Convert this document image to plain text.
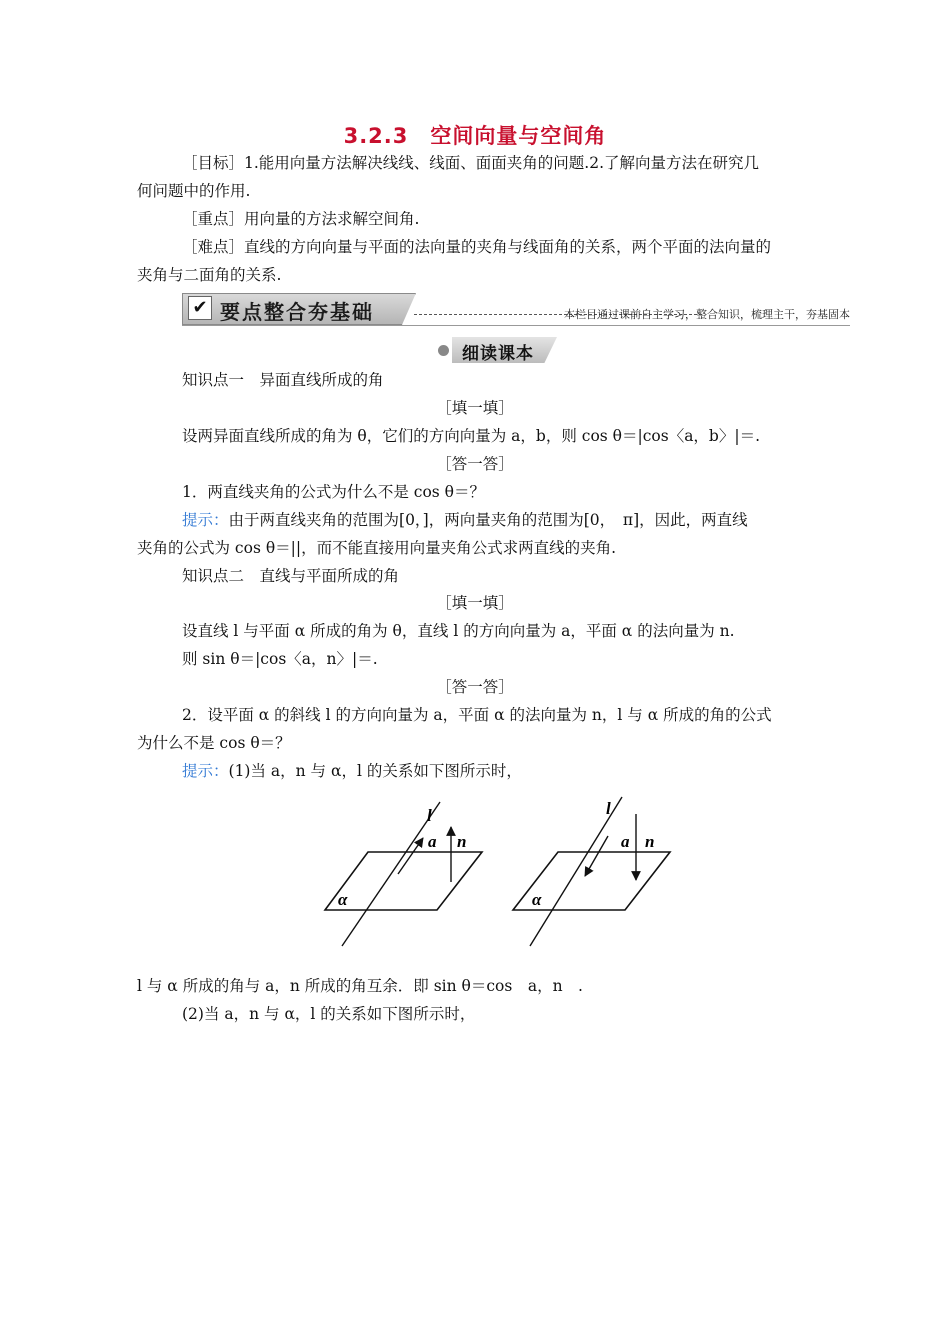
3.2.3　空间向量与空间角
［目标］1.能用向量方法解决线线、线面、面面夹角的问题.2.了解向量方法在研究几
何问题中的作用.
［重点］用向量的方法求解空间角.
［难点］直线的方向向量与平面的法向量的夹角与线面角的关系，两个平面的法向量的
夹角与二面角的关系.
✔ 要点整合夯基础	本栏目通过课前自主学习，整合知识，梳理主干，夯基固本
细读课本
知识点一　异面直线所成的角
［填一填］
设两异面直线所成的角为 θ，它们的方向向量为 a，b，则 cos θ＝|cos〈a，b〉|＝.
［答一答］
1．两直线夹角的公式为什么不是 cos θ＝？
提示：由于两直线夹角的范围为[0，]，两向量夹角的范围为[0，　π]，因此，两直线
夹角的公式为 cos θ＝||，而不能直接用向量夹角公式求两直线的夹角.
知识点二　直线与平面所成的角
［填一填］
设直线 l 与平面 α 所成的角为 θ，直线 l 的方向向量为 a，平面 α 的法向量为 n.
则 sin θ＝|cos〈a，n〉|＝.
［答一答］
2．设平面 α 的斜线 l 的方向向量为 a，平面 α 的法向量为 n，l 与 α 所成的角的公式
为什么不是 cos θ＝？
提示：(1)当 a，n 与 α，l 的关系如下图所示时，
l
a n
α
l
a n
α
l 与 α 所成的角与 a，n 所成的角互余．即 sin θ＝cos　a，n　.
(2)当 a，n 与 α，l 的关系如下图所示时，
